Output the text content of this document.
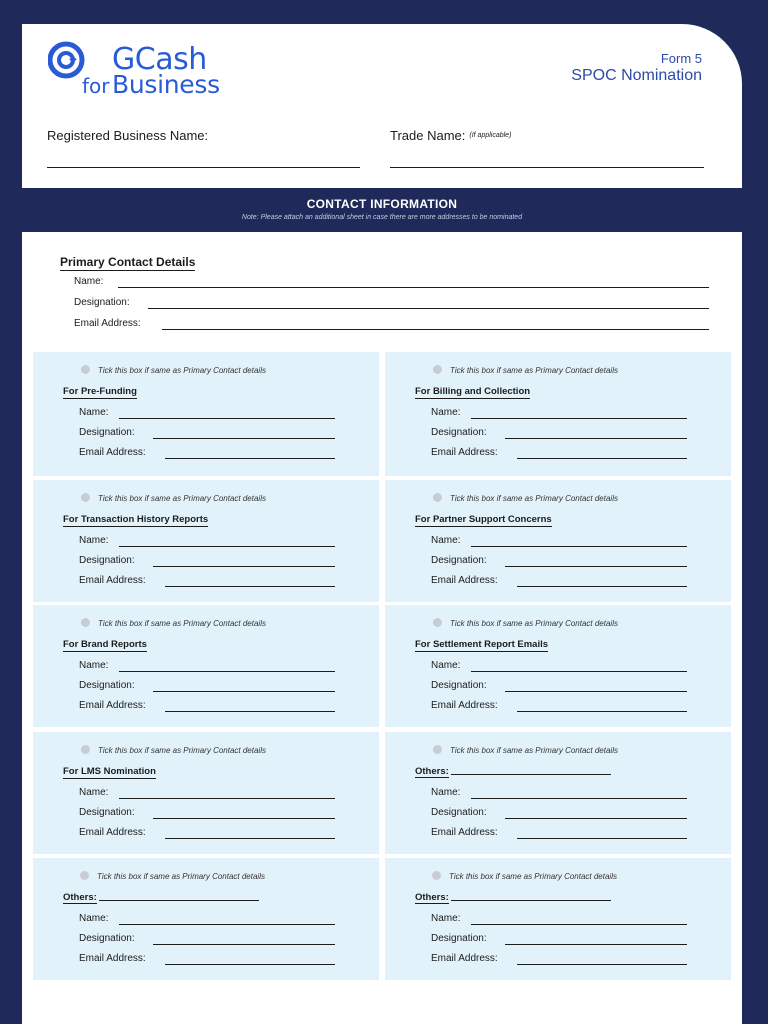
GCash
for Business
Form 5
SPOC Nomination
Registered Business Name:	Trade Name: $^{(If applicable)}$
CONTACT INFORMATION
Note: Please attach an additional sheet in case there are more addresses to be nominated
Primary Contact Details
Name:
Designation:
Email Address:
Tick this box if same as Primary Contact details
For Pre-Funding
Name:
Designation:
Email Address:
Tick this box if same as Primary Contact details
For Billing and Collection
Name:
Designation:
Email Address:
Tick this box if same as Primary Contact details
For Transaction History Reports
Name:
Designation:
Email Address:
Tick this box if same as Primary Contact details
For Partner Support Concerns
Name:
Designation:
Email Address:
Tick this box if same as Primary Contact details
For Brand Reports
Name:
Designation:
Email Address:
Tick this box if same as Primary Contact details
For Settlement Report Emails
Name:
Designation:
Email Address:
Tick this box if same as Primary Contact details
For LMS Nomination
Name:
Designation:
Email Address:
Tick this box if same as Primary Contact details
Others:
Name:
Designation:
Email Address:
Tick this box if same as Primary Contact details
Others:
Name:
Designation:
Email Address:
Tick this box if same as Primary Contact details
Others:
Name:
Designation:
Email Address:
